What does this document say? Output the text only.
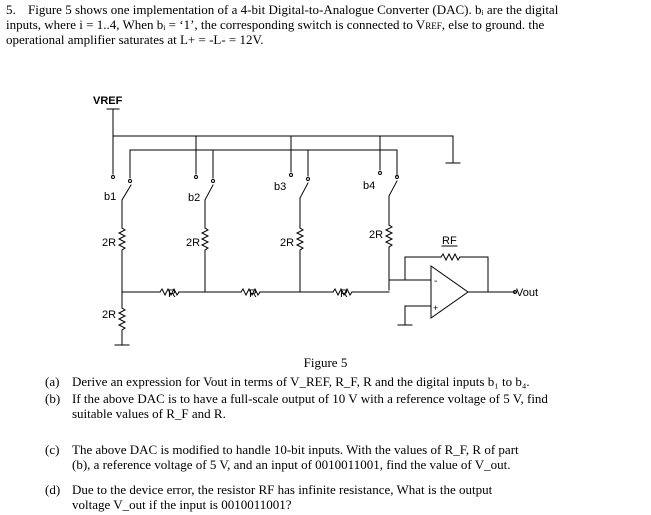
5. Figure 5 shows one implementation of a 4-bit Digital-to-Analogue Converter (DAC). bᵢ are the digital
inputs, where i = 1..4, When bᵢ = ‘1’, the corresponding switch is connected to VREF, else to ground. the
operational amplifier saturates at L+ = -L- = 12V.
VREF
b1	b2
b3	b4
2R	2R	2R
2R
R	R	R
2R
-
+
RF
Vout
Figure 5
(a) Derive an expression for Vout in terms of V_REF, R_F, R and the digital inputs b₁ to b₄.
(b) If the above DAC is to have a full-scale output of 10 V with a reference voltage of 5 V, find
suitable values of R_F and R.
(c) The above DAC is modified to handle 10-bit inputs. With the values of R_F, R of part
(b), a reference voltage of 5 V, and an input of 0010011001, find the value of V_out.
(d) Due to the device error, the resistor RF has infinite resistance, What is the output
voltage V_out if the input is 0010011001?
